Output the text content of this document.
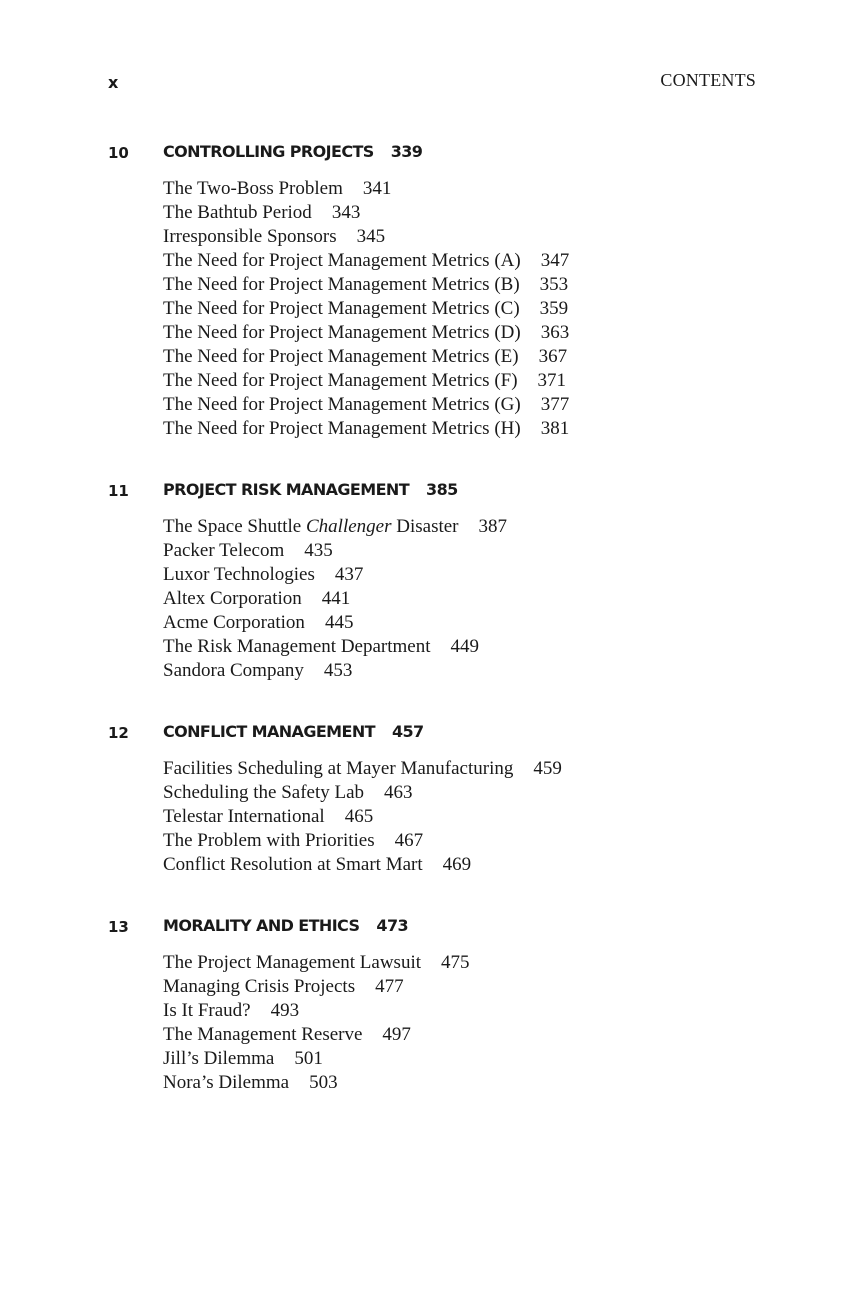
x	CONTENTS
10 CONTROLLING PROJECTS 339
The Two-Boss Problem 341
The Bathtub Period 343
Irresponsible Sponsors 345
The Need for Project Management Metrics (A) 347
The Need for Project Management Metrics (B) 353
The Need for Project Management Metrics (C) 359
The Need for Project Management Metrics (D) 363
The Need for Project Management Metrics (E) 367
The Need for Project Management Metrics (F) 371
The Need for Project Management Metrics (G) 377
The Need for Project Management Metrics (H) 381
11 PROJECT RISK MANAGEMENT 385
The Space Shuttle Challenger Disaster 387
Packer Telecom 435
Luxor Technologies 437
Altex Corporation 441
Acme Corporation 445
The Risk Management Department 449
Sandora Company 453
12 CONFLICT MANAGEMENT 457
Facilities Scheduling at Mayer Manufacturing 459
Scheduling the Safety Lab 463
Telestar International 465
The Problem with Priorities 467
Conflict Resolution at Smart Mart 469
13 MORALITY AND ETHICS 473
The Project Management Lawsuit 475
Managing Crisis Projects 477
Is It Fraud? 493
The Management Reserve 497
Jill’s Dilemma 501
Nora’s Dilemma 503
